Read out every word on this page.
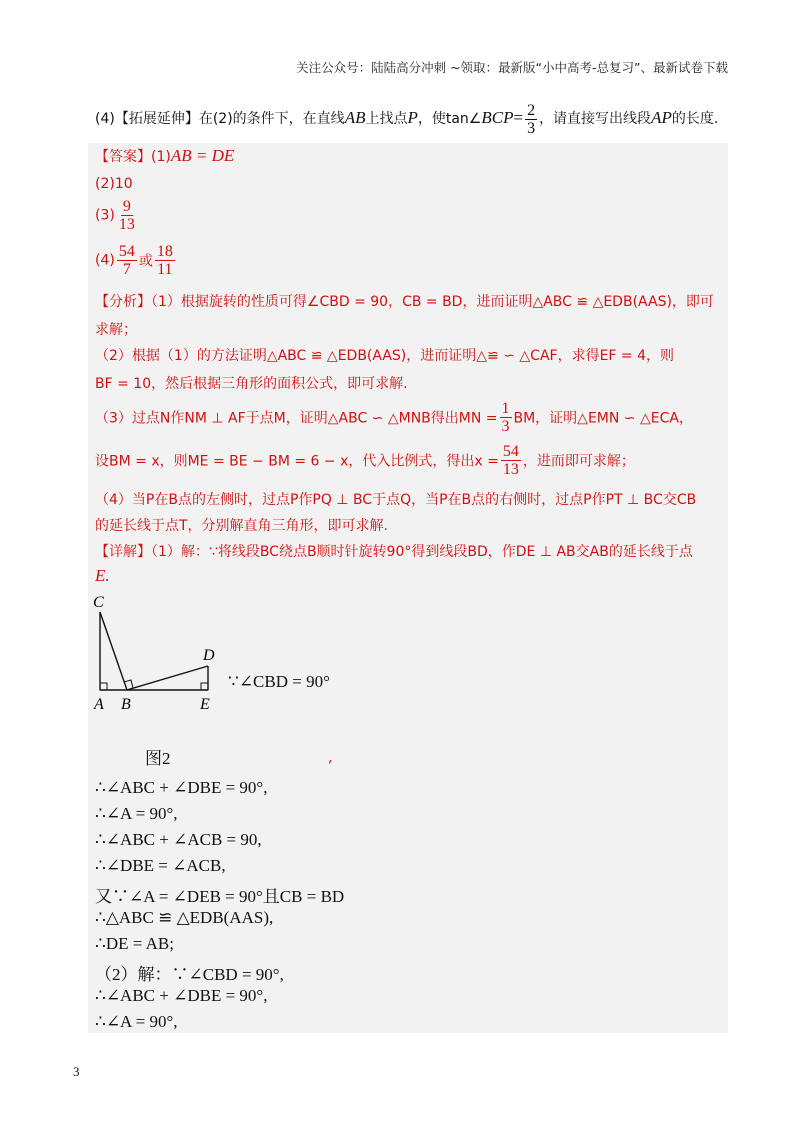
关注公众号：陆陆高分冲刺 ~领取：最新版“小中高考-总复习”、最新试卷下载
(4)【拓展延伸】在(2)的条件下，在直线AB上找点P，使tan∠BCP= $\frac{2}{3}$ ，请直接写出线段AP的长度.
【答案】(1)AB = DE
(2)10
$(3) \frac{9}{13}$
$(4) \frac{54}{7}$ 或 $\frac{18}{11}$
【分析】（1）根据旋转的性质可得∠CBD = 90，CB = BD，进而证明△ABC ≌ △EDB(AAS)，即可
求解；
（2）根据（1）的方法证明△ABC ≌ △EDB(AAS)，进而证明△≌ ∽ △CAF，求得EF = 4，则
BF = 10，然后根据三角形的面积公式，即可求解.
（3）过点N作NM ⊥ AF于点M，证明△ABC ∽ △MNB得出MN = $\frac{1}{3}$ BM，证明△EMN ∽ △ECA，
设BM = x，则ME = BE − BM = 6 − x，代入比例式，得出$x = \frac{54}{13}$ ，进而即可求解；
（4）当P在B点的左侧时，过点P作PQ ⊥ BC于点Q，当P在B点的右侧时，过点P作PT ⊥ BC交CB
的延长线于点T，分别解直角三角形，即可求解.
【详解】（1）解：∵将线段BC绕点B顺时针旋转90°得到线段BD，作DE ⊥ AB交AB的延长线于点
E.
C
D
A B	E
∵∠CBD = 90°
图2	,
∴∠ABC + ∠DBE = 90°,
∴∠A = 90°,
∴∠ABC + ∠ACB = 90,
∴∠DBE = ∠ACB,
又∵∠A = ∠DEB = 90°且CB = BD
∴△ABC ≌ △EDB(AAS),
∴DE = AB;
（2）解：∵∠CBD = 90°,
∴∠ABC + ∠DBE = 90°,
∴∠A = 90°,
3
